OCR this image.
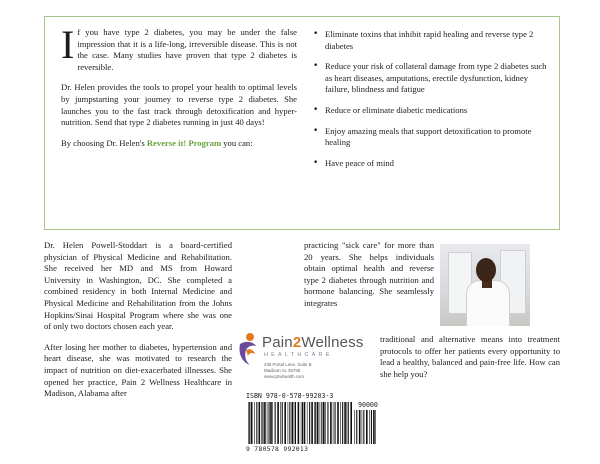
If you have type 2 diabetes, you may be under the false impression that it is a life-long, irreversible disease. This is not the case. Many studies have proven that type 2 diabetes is reversible.

Dr. Helen provides the tools to propel your health to optimal levels by jumpstarting your journey to reverse type 2 diabetes. She launches you to the fast track through detoxification and hyper-nutrition. Send that type 2 diabetes running in just 40 days!

By choosing Dr. Helen's Reverse it! Program you can:

• Eliminate toxins that inhibit rapid healing and reverse type 2 diabetes
• Reduce your risk of collateral damage from type 2 diabetes such as heart diseases, amputations, erectile dysfunction, kidney failure, blindness and fatigue
• Reduce or eliminate diabetic medications
• Enjoy amazing meals that support detoxification to promote healing
• Have peace of mind

Dr. Helen Powell-Stoddart is a board-certified physician of Physical Medicine and Rehabilitation. She received her MD and MS from Howard University in Washington, DC. She completed a combined residency in both Internal Medicine and Physical Medicine and Rehabilitation from the Johns Hopkins/Sinai Hospital Program where she was one of only two doctors chosen each year.

After losing her mother to diabetes, hypertension and heart disease, she was motivated to research the impact of nutrition on diet-exacerbated illnesses. She opened her practice, Pain 2 Wellness Healthcare in Madison, Alabama after

practicing "sick care" for more than 20 years. She helps individuals obtain optimal health and reverse type 2 diabetes through nutrition and hormone balancing. She seamlessly integrates
traditional and alternative means into treatment protocols to offer her patients every opportunity to lead a healthy, balanced and pain-free life. How can she help you?
Pain2Wellness
HEALTHCARE
235 Portal Lane, Suite B
Madison AL 35758
www.p2whealth.com
ISBN 978-0-578-99203-3
90000
9 780578 992013
